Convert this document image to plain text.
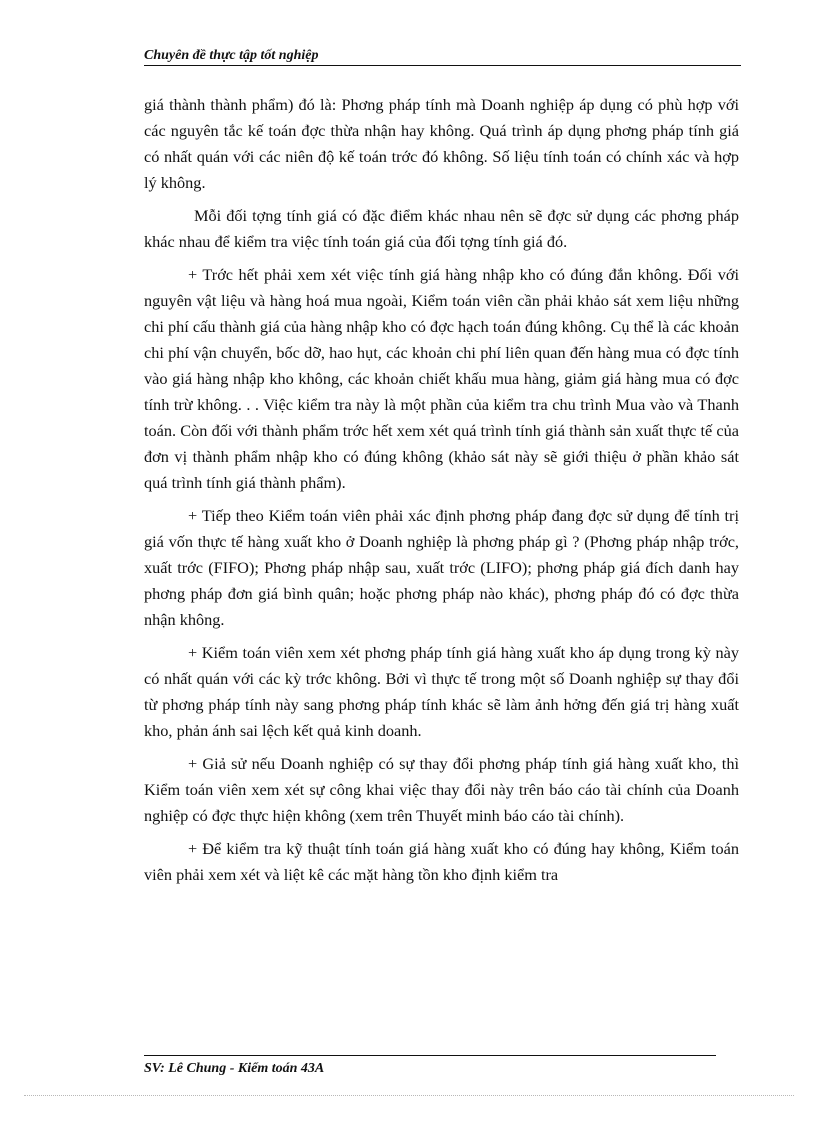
Chuyên đề thực tập tốt nghiệp

giá thành thành phẩm) đó là: Phơng pháp tính mà Doanh nghiệp áp dụng có phù hợp với các nguyên tắc kế toán đợc thừa nhận hay không. Quá trình áp dụng phơng pháp tính giá có nhất quán với các niên độ kế toán trớc đó không. Số liệu tính toán có chính xác và hợp lý không.

Mỗi đối tợng tính giá có đặc điểm khác nhau nên sẽ đợc sử dụng các phơng pháp khác nhau để kiểm tra việc tính toán giá của đối tợng tính giá đó.

+ Trớc hết phải xem xét việc tính giá hàng nhập kho có đúng đắn không. Đối với nguyên vật liệu và hàng hoá mua ngoài, Kiểm toán viên cần phải khảo sát xem liệu những chi phí cấu thành giá của hàng nhập kho có đợc hạch toán đúng không. Cụ thể là các khoản chi phí vận chuyển, bốc dỡ, hao hụt, các khoản chi phí liên quan đến hàng mua có đợc tính vào giá hàng nhập kho không, các khoản chiết khấu mua hàng, giảm giá hàng mua có đợc tính trừ không. . . Việc kiểm tra này là một phần của kiểm tra chu trình Mua vào và Thanh toán. Còn đối với thành phẩm trớc hết xem xét quá trình tính giá thành sản xuất thực tế của đơn vị thành phẩm nhập kho có đúng không (khảo sát này sẽ giới thiệu ở phần khảo sát quá trình tính giá thành phẩm).

+ Tiếp theo Kiểm toán viên phải xác định phơng pháp đang đợc sử dụng để tính trị giá vốn thực tế hàng xuất kho ở Doanh nghiệp là phơng pháp gì ? (Phơng pháp nhập trớc, xuất trớc (FIFO); Phơng pháp nhập sau, xuất trớc (LIFO); phơng pháp giá đích danh hay phơng pháp đơn giá bình quân; hoặc phơng pháp nào khác), phơng pháp đó có đợc thừa nhận không.

+ Kiểm toán viên xem xét phơng pháp tính giá hàng xuất kho áp dụng trong kỳ này có nhất quán với các kỳ trớc không. Bởi vì thực tế trong một số Doanh nghiệp sự thay đổi từ phơng pháp tính này sang phơng pháp tính khác sẽ làm ảnh hởng đến giá trị hàng xuất kho, phản ánh sai lệch kết quả kinh doanh.

+ Giả sử nếu Doanh nghiệp có sự thay đổi phơng pháp tính giá hàng xuất kho, thì Kiểm toán viên xem xét sự công khai việc thay đổi này trên báo cáo tài chính của Doanh nghiệp có đợc thực hiện không (xem trên Thuyết minh báo cáo tài chính).

+ Để kiểm tra kỹ thuật tính toán giá hàng xuất kho có đúng hay không, Kiểm toán viên phải xem xét và liệt kê các mặt hàng tồn kho định kiểm tra

SV: Lê Chung - Kiểm toán 43A
